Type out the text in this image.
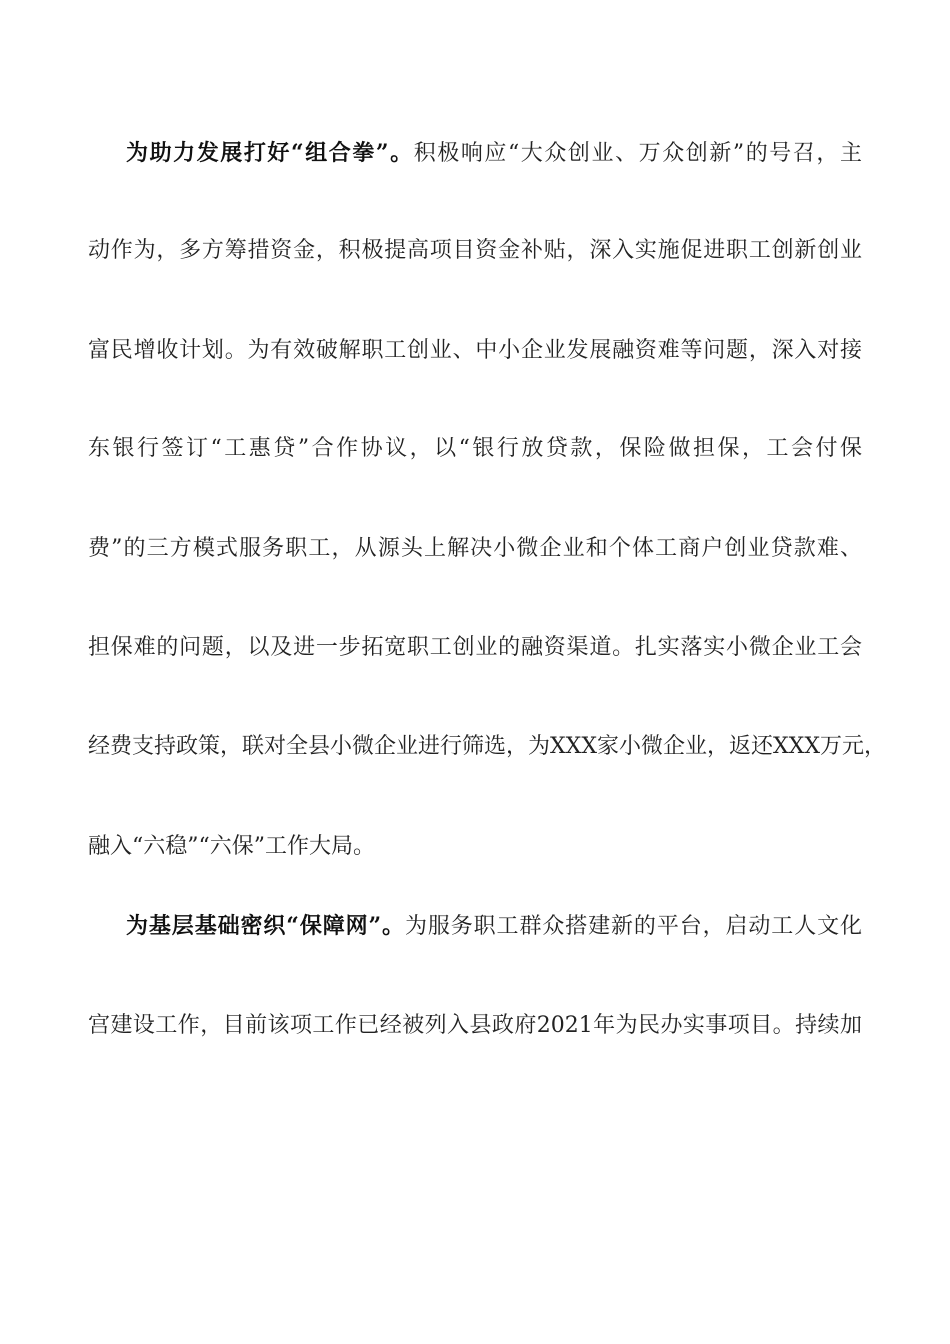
为助力发展打好“组合拳”。积极响应“大众创业、万众创新”的号召，主
动作为，多方筹措资金，积极提高项目资金补贴，深入实施促进职工创新创业
富民增收计划。为有效破解职工创业、中小企业发展融资难等问题，深入对接
东银行签订“工惠贷”合作协议，以“银行放贷款，保险做担保，工会付保
费”的三方模式服务职工，从源头上解决小微企业和个体工商户创业贷款难、
担保难的问题，以及进一步拓宽职工创业的融资渠道。扎实落实小微企业工会
经费支持政策，联对全县小微企业进行筛选，为XXX家小微企业，返还XXX万元，
融入“六稳”“六保”工作大局。
为基层基础密织“保障网”。为服务职工群众搭建新的平台，启动工人文化
宫建设工作，目前该项工作已经被列入县政府2021年为民办实事项目。持续加
